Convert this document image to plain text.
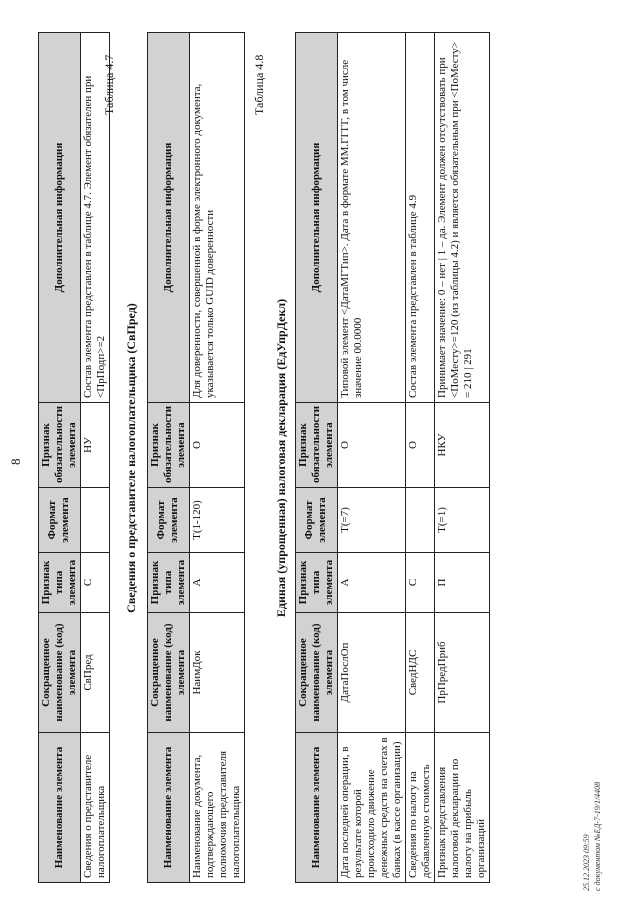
8
Наименование элемента	Сокращенное наименование (код) элемента	Признак типа элемента	Формат элемента	Признак обязательности элемента	Дополнительная информация
Сведения о представителе налогоплательщика	СвПред	С		НУ	Состав элемента представлен в таблице 4.7. Элемент обязателен при <ПрПодп>=2
Таблица 4.7
Сведения о представителе налогоплательщика (СвПред)
Наименование элемента	Сокращенное наименование (код) элемента	Признак типа элемента	Формат элемента	Признак обязательности элемента	Дополнительная информация
Наименование документа, подтверждающего полномочия представителя налогоплательщика	НаимДок	А	T(1-120)	О	Для доверенности, совершенной в форме электронного документа, указывается только GUID доверенности
Таблица 4.8
Единая (упрощенная) налоговая декларация (ЕдУпрДекл)
Наименование элемента	Сокращенное наименование (код) элемента	Признак типа элемента	Формат элемента	Признак обязательности элемента	Дополнительная информация
Дата последней операции, в результате которой происходило движение денежных средств на счетах в банках (в кассе организации)	ДатаПослОп	А	T(=7)	О	Типовой элемент <ДатаМГТип>. Дата в формате ММ.ГГГГ, в том числе значение 00.0000
Сведения по налогу на добавленную стоимость	СведНДС	С		О	Состав элемента представлен в таблице 4.9
Признак представления налоговой декларации по налогу на прибыль организаций	ПрПредПриб	П	T(=1)	НКУ	Принимает значение: 0 – нет | 1 – да. Элемент должен отсутствовать при <ПоМесту>=120 (из таблицы 4.2) и является обязательным при <ПоМесту> = 210 | 291
25.12.2023 09:59 с документом №ЕД-7-19/1/4408
